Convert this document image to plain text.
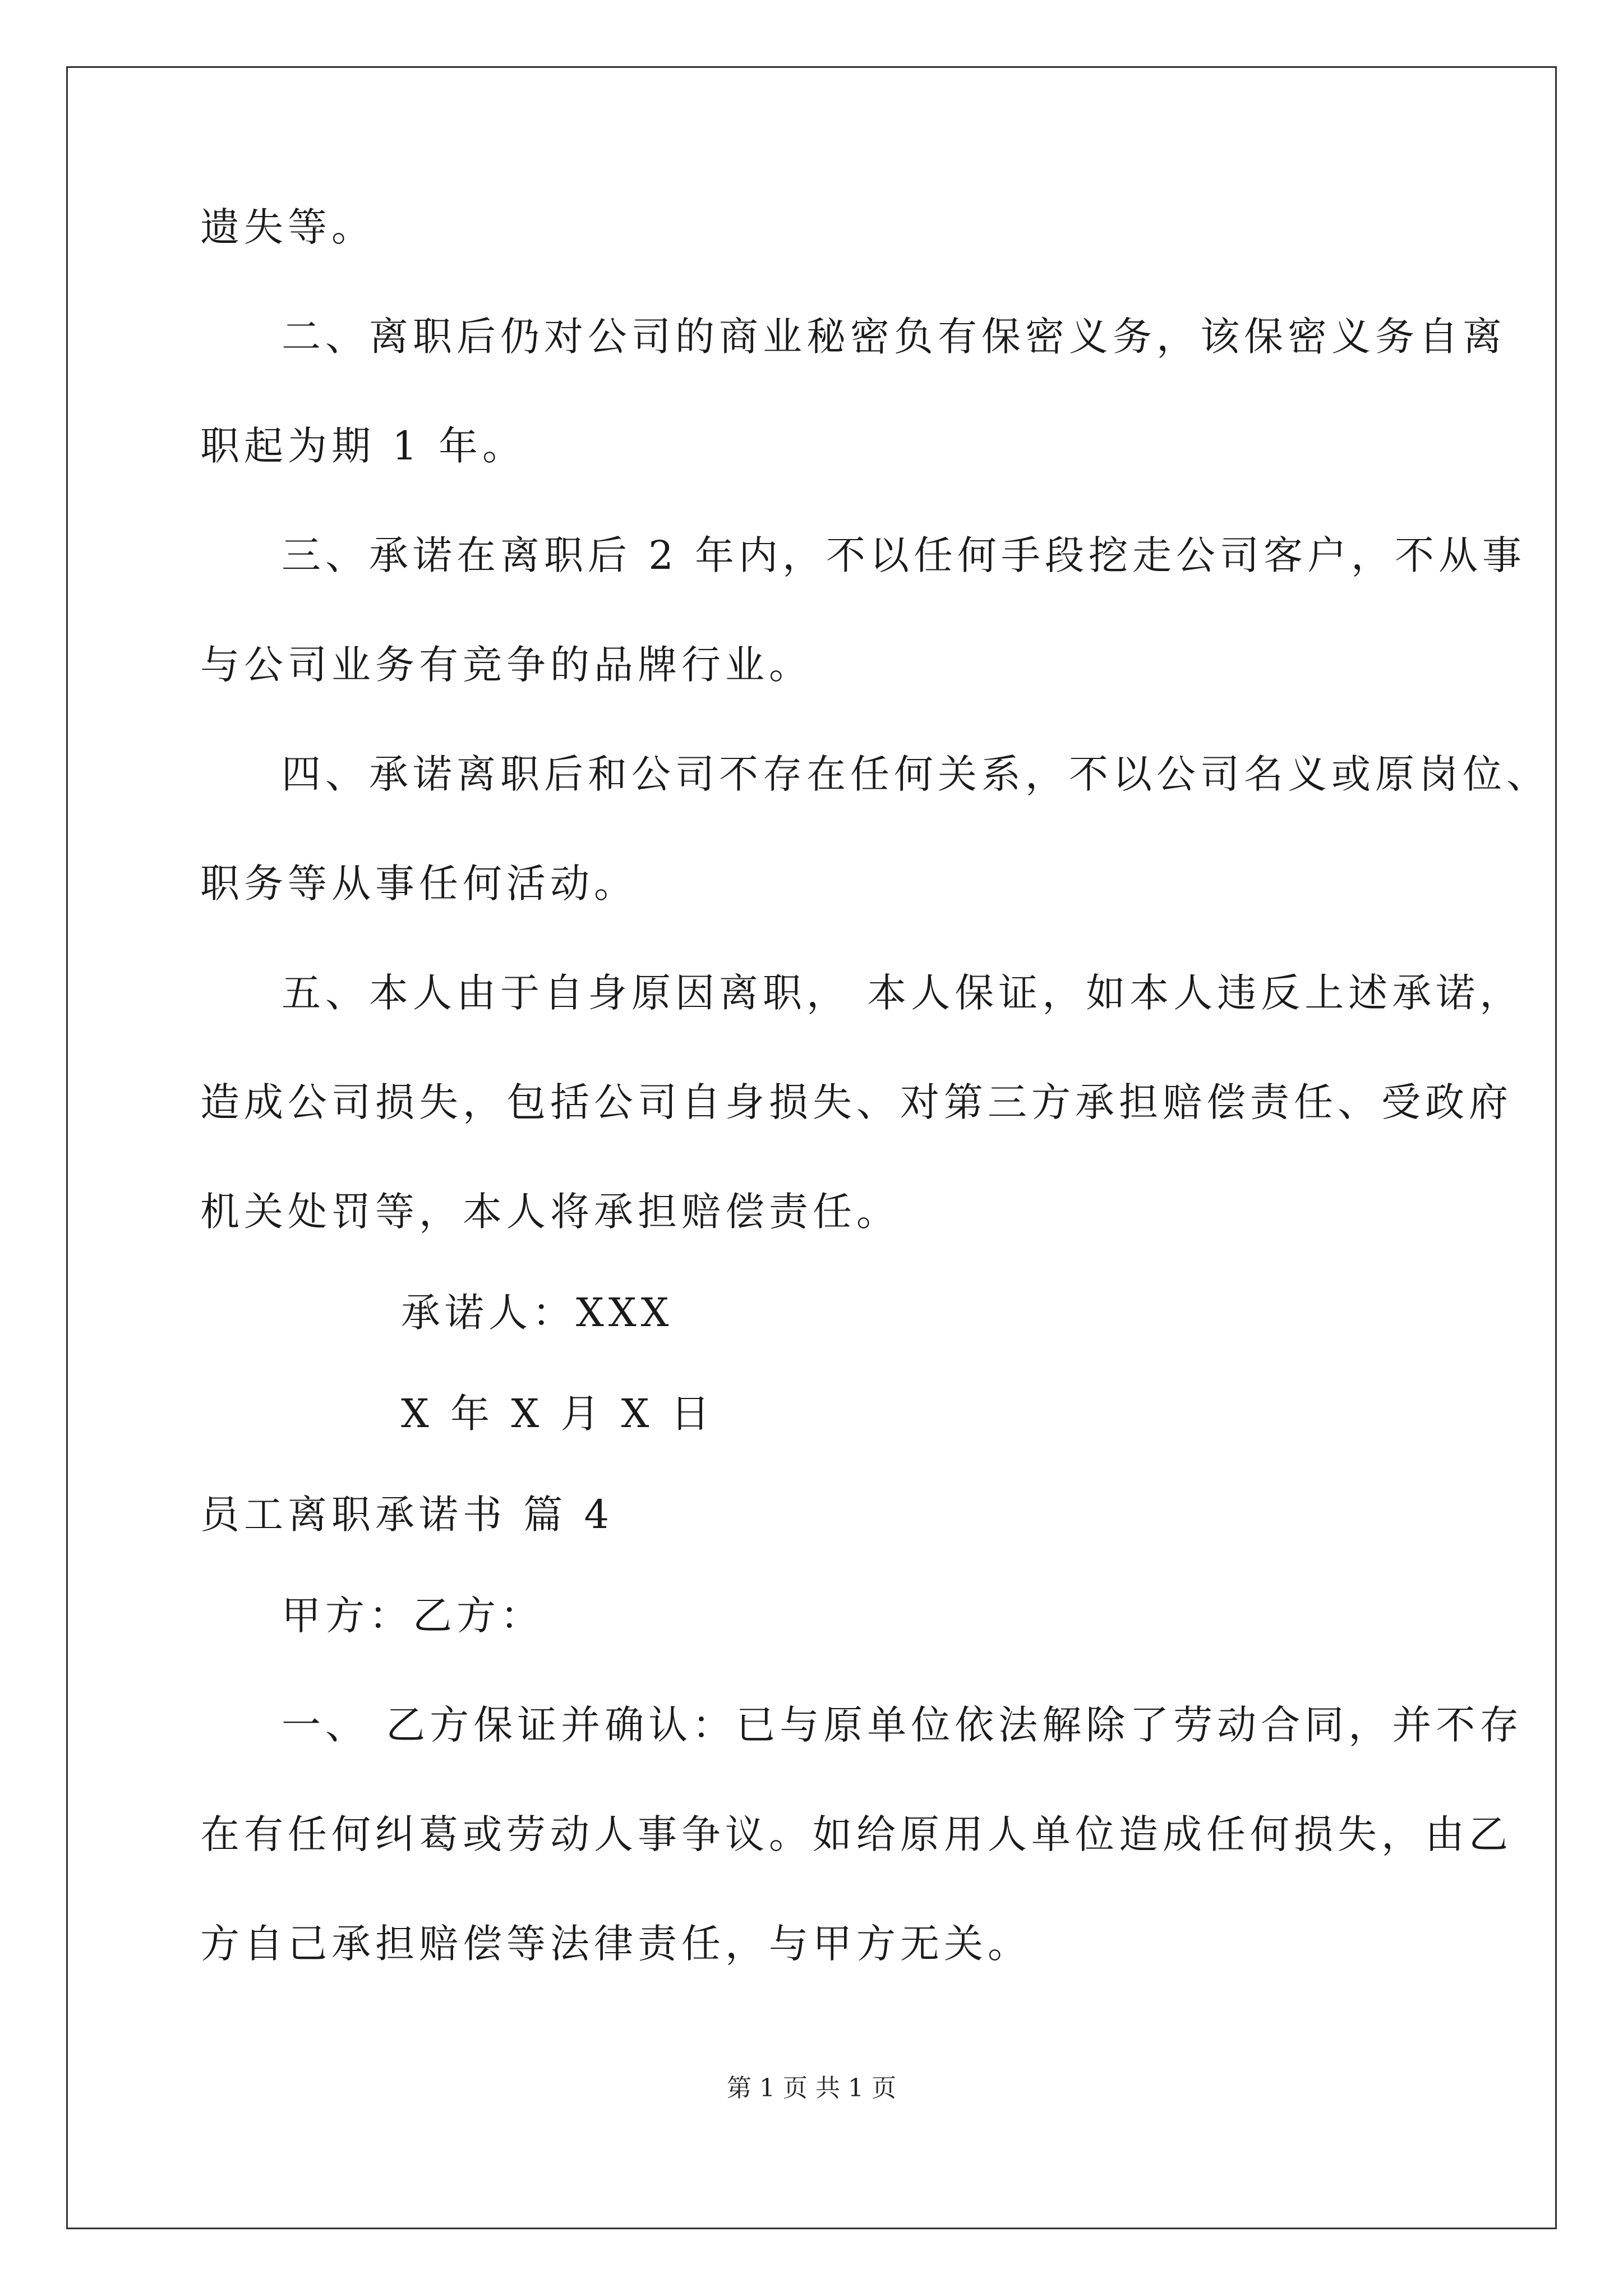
遗失等。
二、离职后仍对公司的商业秘密负有保密义务，该保密义务自离
职起为期 1 年。
三、承诺在离职后 2 年内，不以任何手段挖走公司客户，不从事
与公司业务有竞争的品牌行业。
四、承诺离职后和公司不存在任何关系，不以公司名义或原岗位、
职务等从事任何活动。
五、本人由于自身原因离职， 本人保证，如本人违反上述承诺，
造成公司损失，包括公司自身损失、对第三方承担赔偿责任、受政府
机关处罚等，本人将承担赔偿责任。
承诺人：XXX
X 年 X 月 X 日
员工离职承诺书 篇 4
甲方：乙方：
一、 乙方保证并确认：已与原单位依法解除了劳动合同，并不存
在有任何纠葛或劳动人事争议。如给原用人单位造成任何损失，由乙
方自己承担赔偿等法律责任，与甲方无关。
第 1 页 共 1 页
